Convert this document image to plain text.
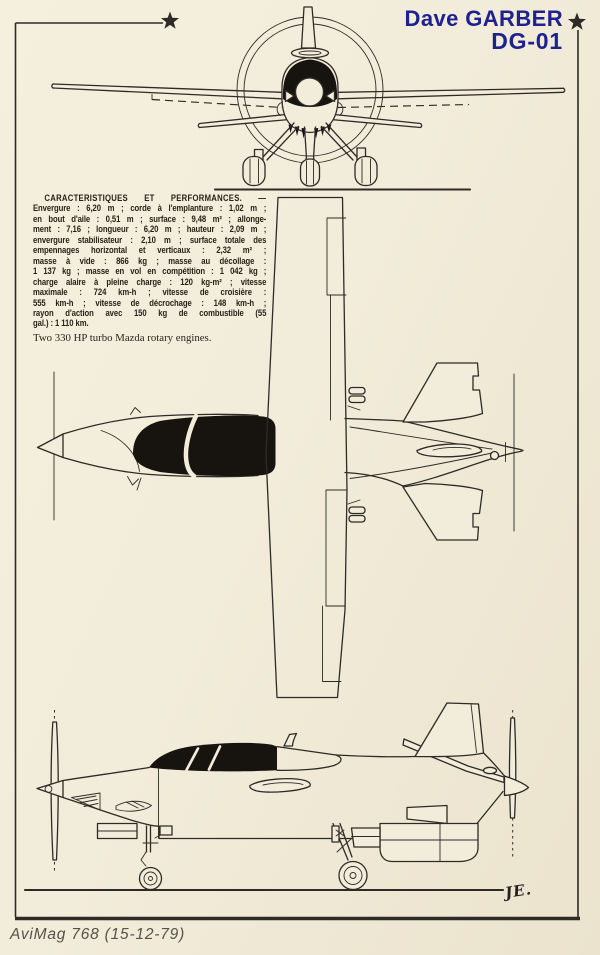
Dave GARBER
DG-01
CARACTERISTIQUES ET PERFORMANCES. —
Envergure : 6,20 m ; corde à l'emplanture : 1,02 m ;
en bout d'aile : 0,51 m ; surface : 9,48 m² ; allonge-
ment : 7,16 ; longueur : 6,20 m ; hauteur : 2,09 m ;
envergure stabilisateur : 2,10 m ; surface totale des
empennages horizontal et verticaux : 2,32 m² ;
masse à vide : 866 kg ; masse au décollage :
1 137 kg ; masse en vol en compétition : 1 042 kg ;
charge alaire à pleine charge : 120 kg-m² ; vitesse
maximale : 724 km-h ; vitesse de croisière :
555 km-h ; vitesse de décrochage : 148 km-h ;
rayon d'action avec 150 kg de combustible (55
gal.) : 1 110 km.
Two 330 HP turbo Mazda rotary engines.
JE.
AviMag 768 (15-12-79)
